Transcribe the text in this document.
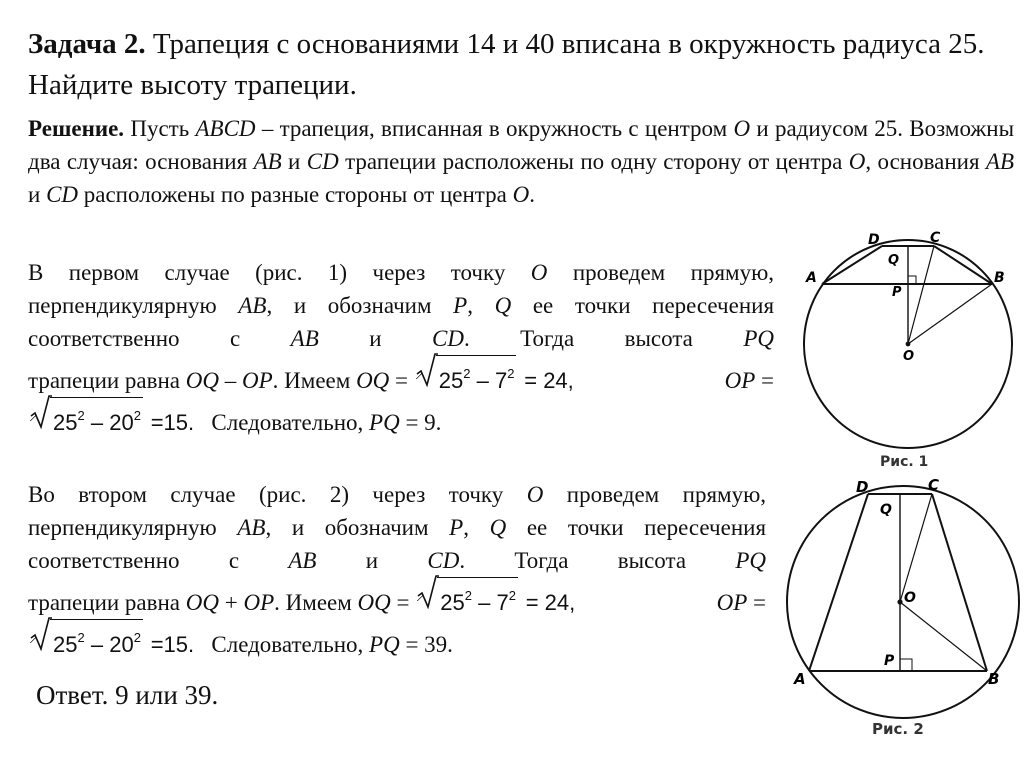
Задача 2. Трапеция с основаниями 14 и 40 вписана в окружность радиуса 25. Найдите высоту трапеции.

Решение. Пусть ABCD – трапеция, вписанная в окружность с центром O и радиусом 25. Возможны два случая: основания AB и CD трапеции расположены по одну сторону от центра O, основания AB и CD расположены по разные стороны от центра O.

В первом случае (рис. 1) через точку O проведем прямую, перпендикулярную AB, и обозначим P, Q ее точки пересечения соответственно с AB и CD. Тогда высота PQ
трапеции равна OQ – OP. Имеем OQ = $25^2 - 7^2 = 24$,	OP =
$25^2 - 20^2 =15$. Следовательно, PQ = 9.
Во втором случае (рис. 2) через точку O проведем прямую, перпендикулярную AB, и обозначим P, Q ее точки пересечения соответственно с AB и CD. Тогда высота PQ
трапеции равна OQ + OP. Имеем OQ = $25^2 - 7^2 = 24$,	OP =
$25^2 - 20^2 =15$. Следовательно, PQ = 39.

Ответ. 9 или 39.

A	B
C
D
Q
P
O
Рис. 1
A	B
C
D
Q
P
O
Рис. 2
